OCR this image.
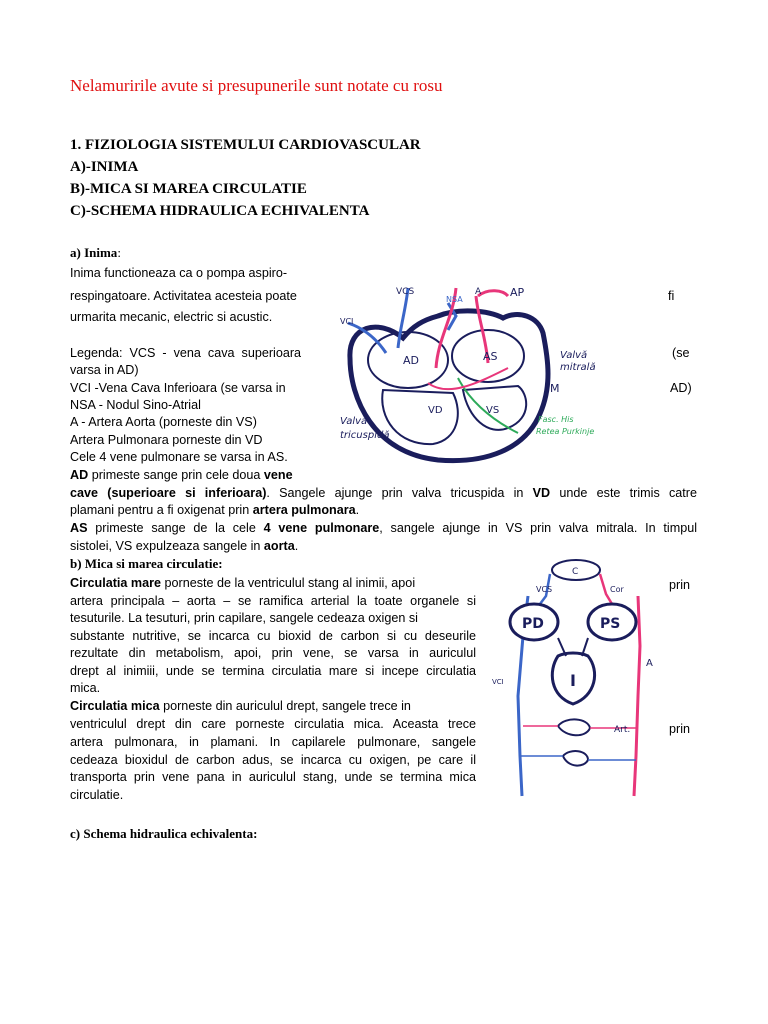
Nelamuririle avute si presupunerile sunt notate cu rosu
1. FIZIOLOGIA SISTEMULUI CARDIOVASCULAR
A)-INIMA
B)-MICA SI MAREA CIRCULATIE
C)-SCHEMA HIDRAULICA ECHIVALENTA
a) Inima:
Inima functioneaza ca o pompa aspiro-
respingatoare. Activitatea acesteia poate	fi
urmarita mecanic, electric si acustic.
Legenda:  VCS  -  vena  cava  superioara	(se
varsa in AD)
VCI -Vena Cava Inferioara (se varsa in	AD)
NSA - Nodul Sino-Atrial
A - Artera Aorta (porneste din VS)
Artera Pulmonara porneste din VD
Cele 4 vene pulmonare se varsa in AS.
AD primeste sange prin cele doua vene
cave (superioare si inferioara). Sangele ajunge prin valva tricuspida in VD unde este trimis catre
plamani pentru a fi oxigenat prin artera pulmonara.
AS primeste sange de la cele 4 vene pulmonare, sangele ajunge in VS prin valva mitrala. In timpul
sistolei, VS expulzeaza sangele in aorta.
b) Mica si marea circulatie:
Circulatia mare porneste de la ventriculul stang al inimii, apoi	prin
artera principala – aorta – se ramifica arterial la toate organele si
tesuturile. La tesuturi, prin capilare, sangele cedeaza oxigen si
substante nutritive, se incarca cu bioxid de carbon si cu deseurile
rezultate din metabolism, apoi, prin vene, se varsa in auriculul
drept al inimiii, unde se termina circulatia mare si incepe circulatia
mica.
Circulatia mica porneste din auriculul drept, sangele trece in
ventriculul drept din care porneste circulatia mica. Aceasta trece	prin
artera pulmonara, in plamani. In capilarele pulmonare, sangele
cedeaza bioxidul de carbon adus, se incarca cu oxigen, pe care il
transporta prin vene pana in auriculul stang, unde se termina mica
circulatie.
c) Schema hidraulica echivalenta:
VCS
NSA
A	AP
VCI
AD	AS
VD	VS
M
Valvă
mitrală
Valvă
tricuspidă
Fasc. His
Retea Purkinje
C
PD	PS
I
VCS	Cor
A
VCI
Art.
